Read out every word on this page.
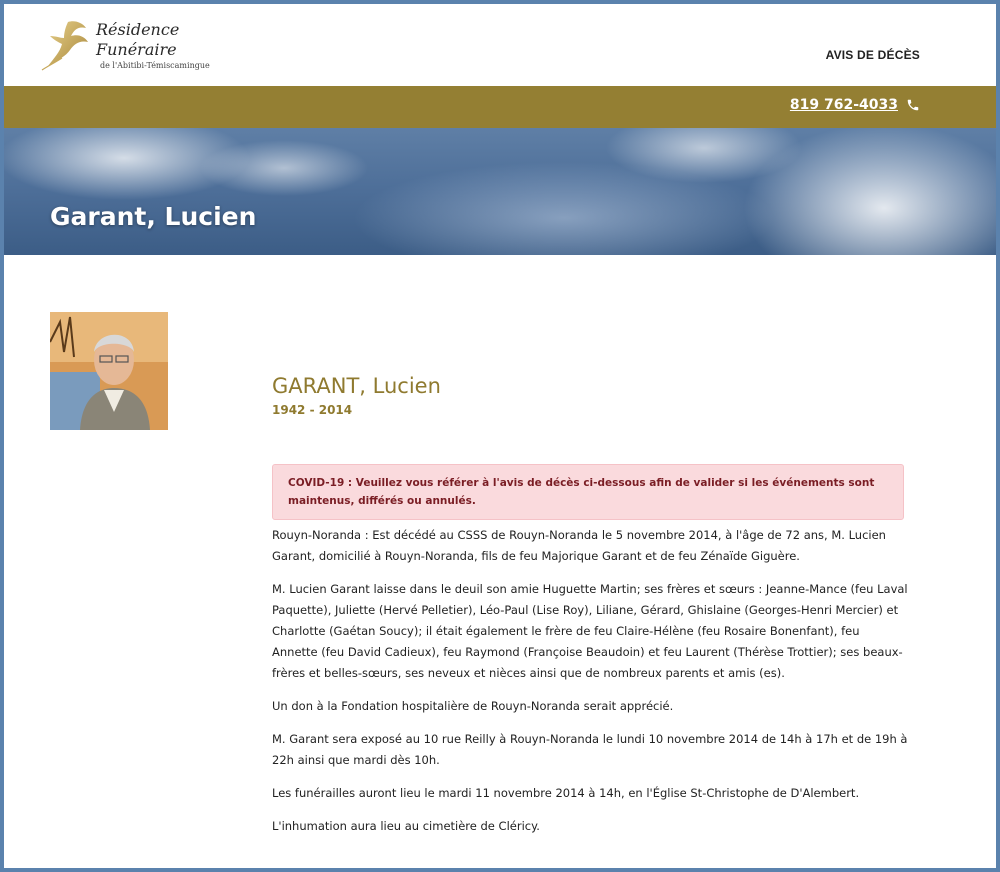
Résidence
Funéraire
de l'Abitibi-Témiscamingue
AVIS DE DÉCÈS
819 762-4033
Garant, Lucien
GARANT, Lucien
1942 - 2014
COVID-19 : Veuillez vous référer à l'avis de décès ci-dessous afin de valider si les événements sont maintenus, différés ou annulés.

Rouyn-Noranda : Est décédé au CSSS de Rouyn-Noranda le 5 novembre 2014, à l'âge de 72 ans, M. Lucien Garant, domicilié à Rouyn-Noranda, fils de feu Majorique Garant et de feu Zénaïde Giguère.

M. Lucien Garant laisse dans le deuil son amie Huguette Martin; ses frères et sœurs : Jeanne-Mance (feu Laval Paquette), Juliette (Hervé Pelletier), Léo-Paul (Lise Roy), Liliane, Gérard, Ghislaine (Georges-Henri Mercier) et Charlotte (Gaétan Soucy); il était également le frère de feu Claire-Hélène (feu Rosaire Bonenfant), feu Annette (feu David Cadieux), feu Raymond (Françoise Beaudoin) et feu Laurent (Thérèse Trottier); ses beaux-frères et belles-sœurs, ses neveux et nièces ainsi que de nombreux parents et amis (es).

Un don à la Fondation hospitalière de Rouyn-Noranda serait apprécié.

M. Garant sera exposé au 10 rue Reilly à Rouyn-Noranda le lundi 10 novembre 2014 de 14h à 17h et de 19h à 22h ainsi que mardi dès 10h.

Les funérailles auront lieu le mardi 11 novembre 2014 à 14h, en l'Église St-Christophe de D'Alembert.

L'inhumation aura lieu au cimetière de Cléricy.
